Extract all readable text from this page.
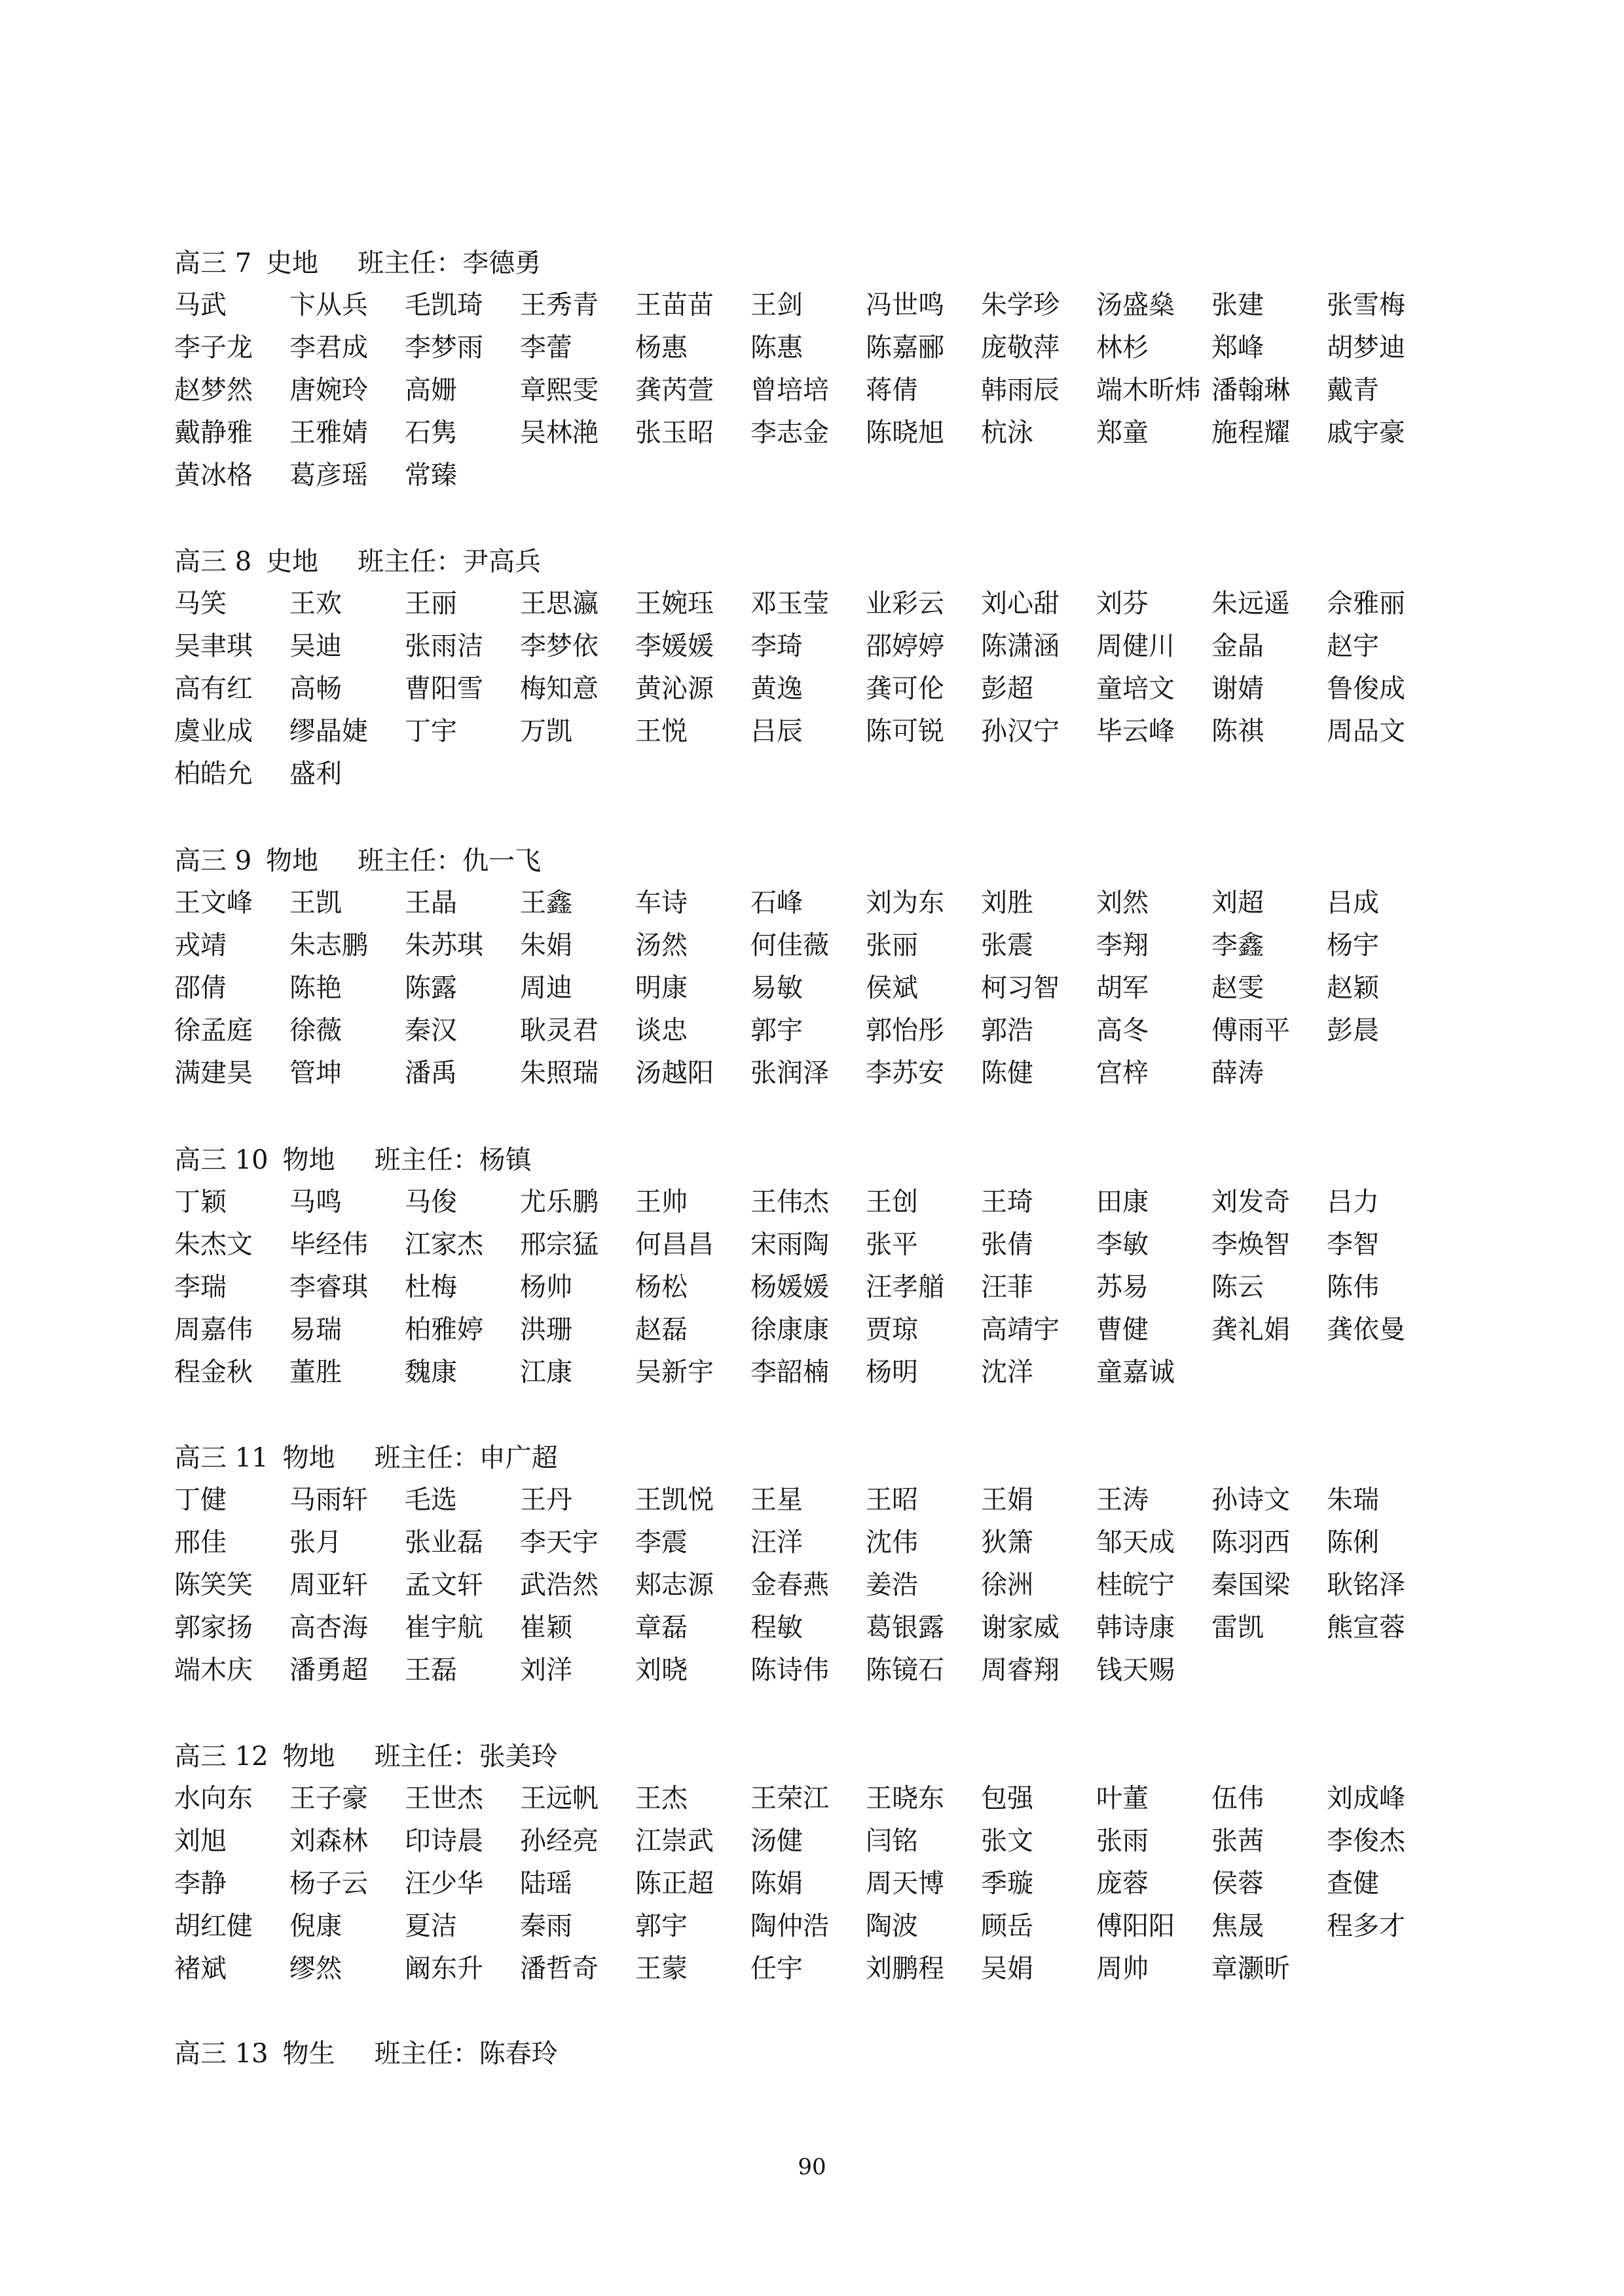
高三 7 史地 班主任：李德勇
马武	卞从兵	毛凯琦	王秀青	王苗苗	王剑	冯世鸣	朱学珍	汤盛燊	张建	张雪梅
李子龙	李君成	李梦雨	李蕾	杨惠	陈惠	陈嘉郦	庞敬萍	林杉	郑峰	胡梦迪
赵梦然	唐婉玲	高姗	章熙雯	龚芮萱	曾培培	蒋倩	韩雨辰	端木昕炜 潘翰琳	戴青
戴静雅	王雅婧	石隽	吴林滟	张玉昭	李志金	陈晓旭	杭泳	郑童	施程耀	戚宇豪
黄冰格	葛彦瑶	常臻
高三 8 史地 班主任：尹高兵
马笑	王欢	王丽	王思瀛	王婉珏	邓玉莹	业彩云	刘心甜	刘芬	朱远遥	佘雅丽
吴聿琪	吴迪	张雨洁	李梦依	李媛媛	李琦	邵婷婷	陈潇涵	周健川	金晶	赵宇
高有红	高畅	曹阳雪	梅知意	黄沁源	黄逸	龚可伦	彭超	童培文	谢婧	鲁俊成
虞业成	缪晶婕	丁宇	万凯	王悦	吕辰	陈可锐	孙汉宁	毕云峰	陈祺	周品文
柏皓允	盛利
高三 9 物地 班主任：仇一飞
王文峰	王凯	王晶	王鑫	车诗	石峰	刘为东	刘胜	刘然	刘超	吕成
戎靖	朱志鹏	朱苏琪	朱娟	汤然	何佳薇	张丽	张震	李翔	李鑫	杨宇
邵倩	陈艳	陈露	周迪	明康	易敏	侯斌	柯习智	胡军	赵雯	赵颖
徐孟庭	徐薇	秦汉	耿灵君	谈忠	郭宇	郭怡彤	郭浩	高冬	傅雨平	彭晨
满建昊	管坤	潘禹	朱照瑞	汤越阳	张润泽	李苏安	陈健	宫梓	薛涛
高三 10 物地 班主任：杨镇
丁颖	马鸣	马俊	尤乐鹏	王帅	王伟杰	王创	王琦	田康	刘发奇	吕力
朱杰文	毕经伟	江家杰	邢宗猛	何昌昌	宋雨陶	张平	张倩	李敏	李焕智	李智
李瑞	李睿琪	杜梅	杨帅	杨松	杨媛媛	汪孝艏	汪菲	苏易	陈云	陈伟
周嘉伟	易瑞	柏雅婷	洪珊	赵磊	徐康康	贾琼	高靖宇	曹健	龚礼娟	龚依曼
程金秋	董胜	魏康	江康	吴新宇	李韶楠	杨明	沈洋	童嘉诚
高三 11 物地 班主任：申广超
丁健	马雨轩	毛选	王丹	王凯悦	王星	王昭	王娟	王涛	孙诗文	朱瑞
邢佳	张月	张业磊	李天宇	李震	汪洋	沈伟	狄箫	邹天成	陈羽西	陈俐
陈笑笑	周亚轩	孟文轩	武浩然	郏志源	金春燕	姜浩	徐洲	桂皖宁	秦国梁	耿铭泽
郭家扬	高杏海	崔宇航	崔颖	章磊	程敏	葛银露	谢家威	韩诗康	雷凯	熊宣蓉
端木庆	潘勇超	王磊	刘洋	刘晓	陈诗伟	陈镜石	周睿翔	钱天赐
高三 12 物地 班主任：张美玲
水向东	王子豪	王世杰	王远帆	王杰	王荣江	王晓东	包强	叶董	伍伟	刘成峰
刘旭	刘森林	印诗晨	孙经亮	江崇武	汤健	闫铭	张文	张雨	张茜	李俊杰
李静	杨子云	汪少华	陆瑶	陈正超	陈娟	周天博	季璇	庞蓉	侯蓉	查健
胡红健	倪康	夏洁	秦雨	郭宇	陶仲浩	陶波	顾岳	傅阳阳	焦晟	程多才
褚斌	缪然	阚东升	潘哲奇	王蒙	任宇	刘鹏程	吴娟	周帅	章灏昕
高三 13 物生 班主任：陈春玲
90
